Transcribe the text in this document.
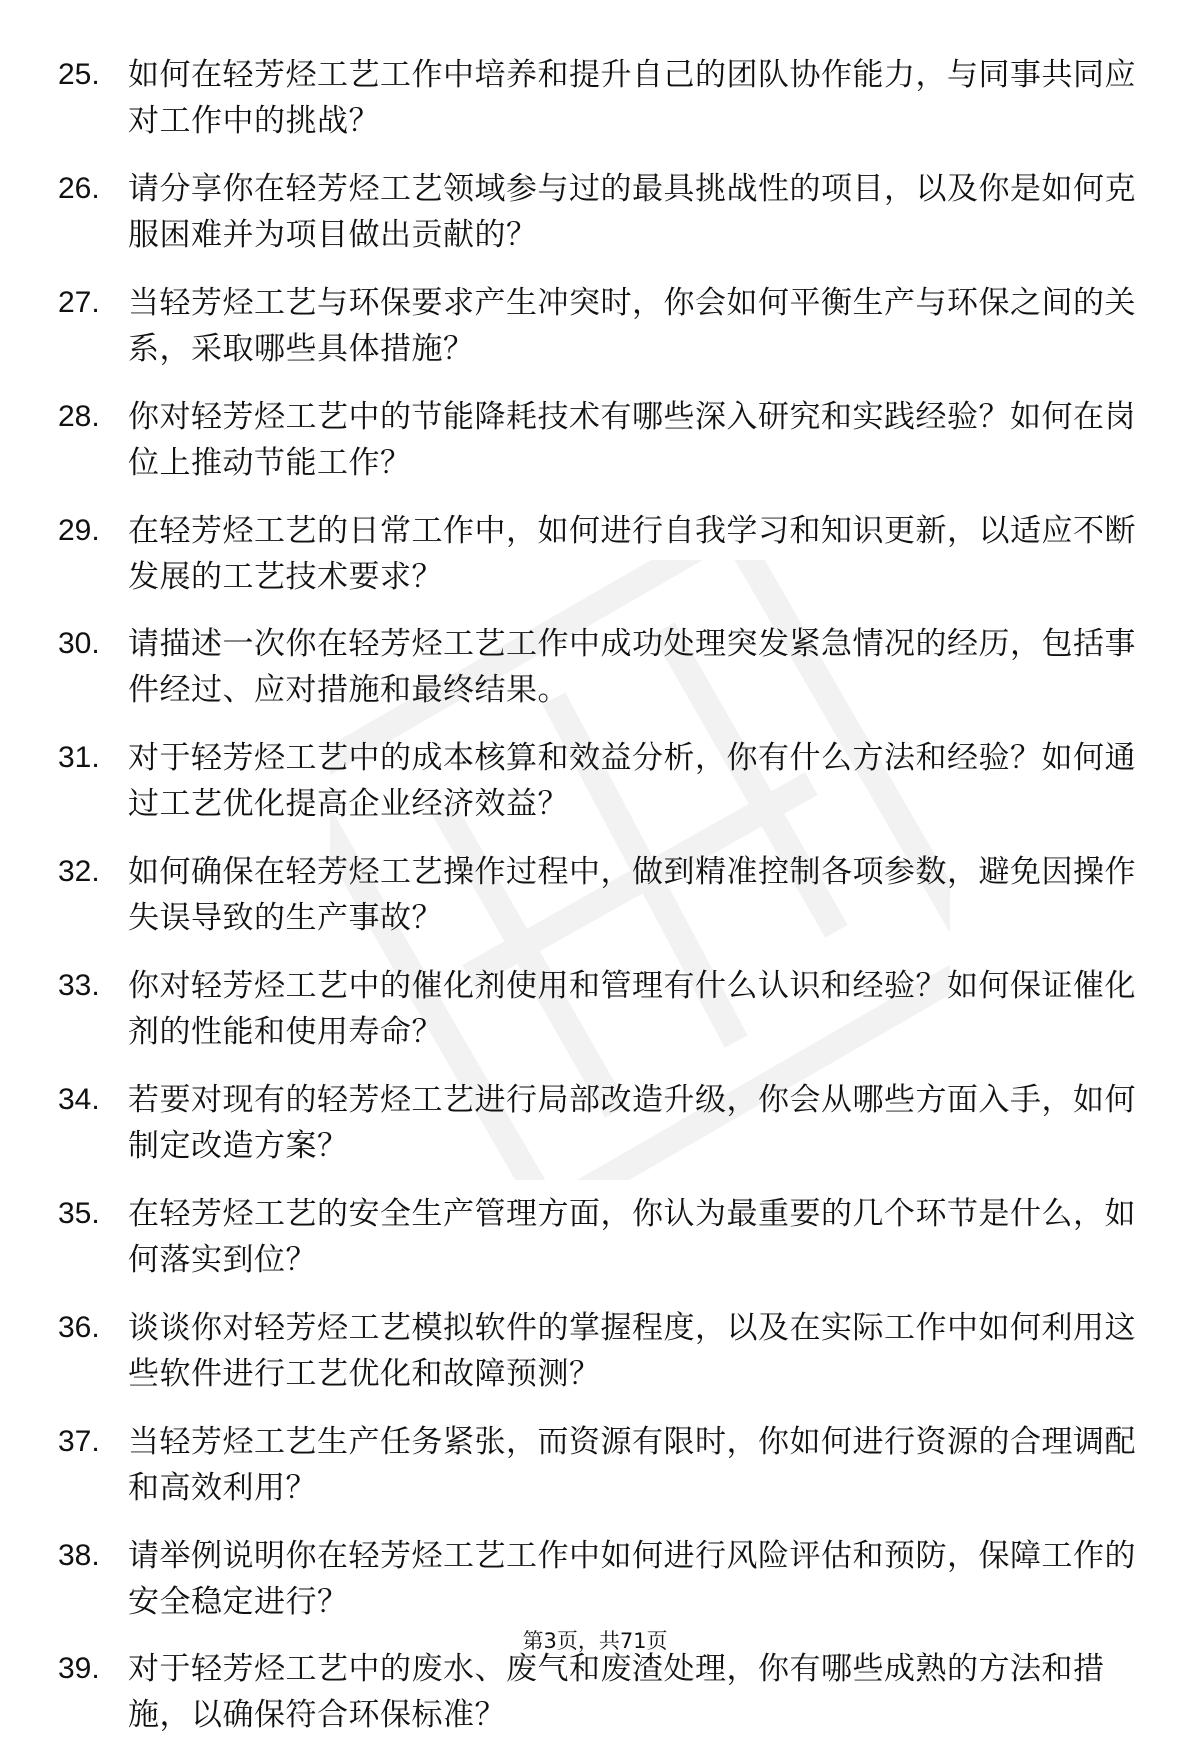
25. 如何在轻芳烃工艺工作中培养和提升自己的团队协作能力，与同事共同应对工作中的挑战？
26. 请分享你在轻芳烃工艺领域参与过的最具挑战性的项目，以及你是如何克服困难并为项目做出贡献的？
27. 当轻芳烃工艺与环保要求产生冲突时，你会如何平衡生产与环保之间的关系，采取哪些具体措施？
28. 你对轻芳烃工艺中的节能降耗技术有哪些深入研究和实践经验？如何在岗位上推动节能工作？
29. 在轻芳烃工艺的日常工作中，如何进行自我学习和知识更新，以适应不断发展的工艺技术要求？
30. 请描述一次你在轻芳烃工艺工作中成功处理突发紧急情况的经历，包括事件经过、应对措施和最终结果。
31. 对于轻芳烃工艺中的成本核算和效益分析，你有什么方法和经验？如何通过工艺优化提高企业经济效益？
32. 如何确保在轻芳烃工艺操作过程中，做到精准控制各项参数，避免因操作失误导致的生产事故？
33. 你对轻芳烃工艺中的催化剂使用和管理有什么认识和经验？如何保证催化剂的性能和使用寿命？
34. 若要对现有的轻芳烃工艺进行局部改造升级，你会从哪些方面入手，如何制定改造方案？
35. 在轻芳烃工艺的安全生产管理方面，你认为最重要的几个环节是什么，如何落实到位？
36. 谈谈你对轻芳烃工艺模拟软件的掌握程度，以及在实际工作中如何利用这些软件进行工艺优化和故障预测？
37. 当轻芳烃工艺生产任务紧张，而资源有限时，你如何进行资源的合理调配和高效利用？
38. 请举例说明你在轻芳烃工艺工作中如何进行风险评估和预防，保障工作的安全稳定进行？
39. 对于轻芳烃工艺中的废水、废气和废渣处理，你有哪些成熟的方法和措施，以确保符合环保标准？
第3页，共71页
